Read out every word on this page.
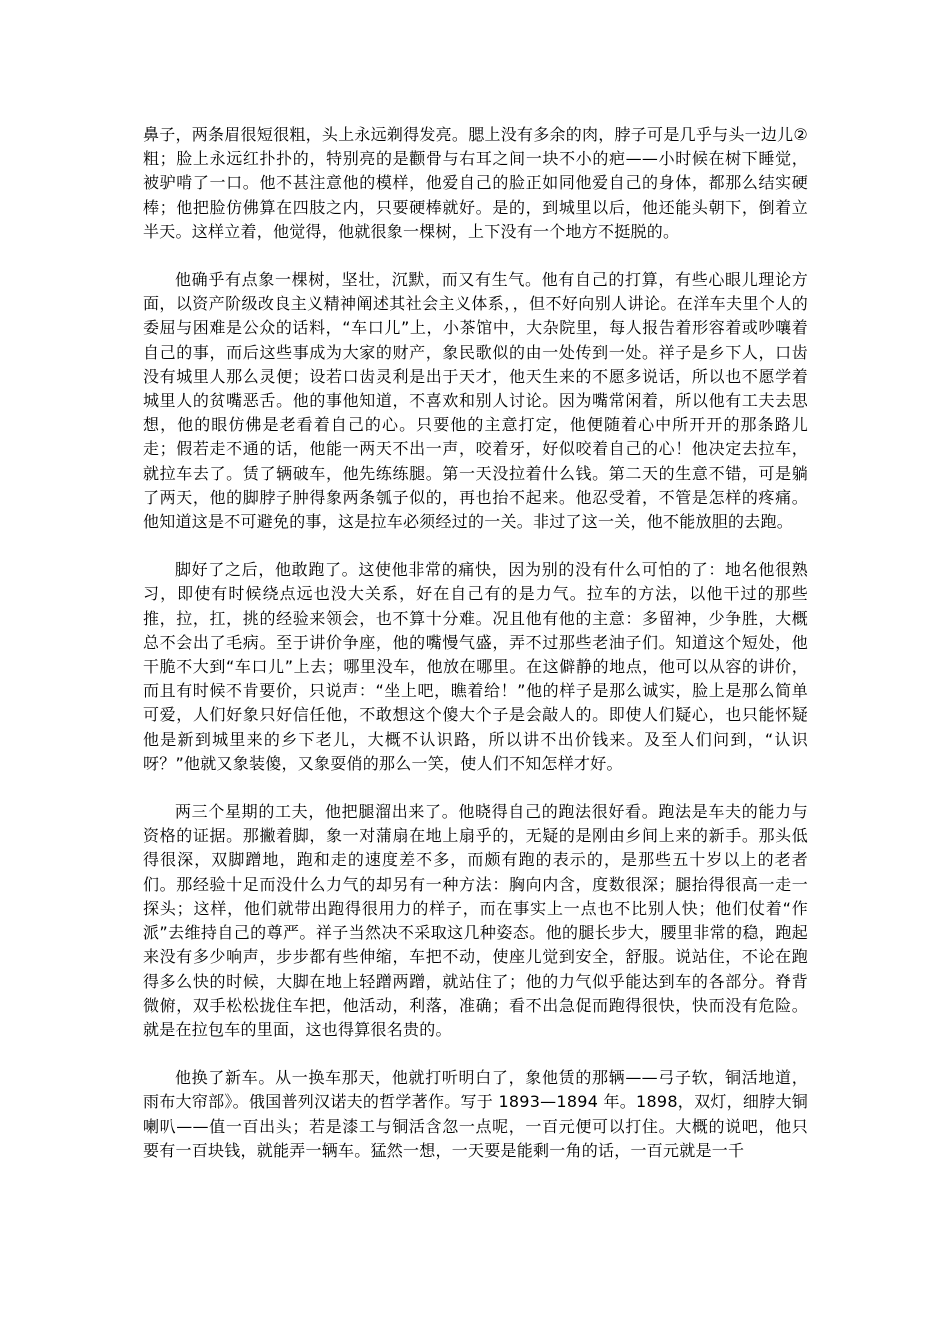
鼻子，两条眉很短很粗，头上永远剃得发亮。腮上没有多余的肉，脖子可是几乎与头一边儿②粗；脸上永远红扑扑的，特别亮的是颧骨与右耳之间一块不小的疤——小时候在树下睡觉，被驴啃了一口。他不甚注意他的模样，他爱自己的脸正如同他爱自己的身体，都那么结实硬棒；他把脸仿佛算在四肢之内，只要硬棒就好。是的，到城里以后，他还能头朝下，倒着立半天。这样立着，他觉得，他就很象一棵树，上下没有一个地方不挺脱的。

他确乎有点象一棵树，坚壮，沉默，而又有生气。他有自己的打算，有些心眼儿理论方面，以资产阶级改良主义精神阐述其社会主义体系，，但不好向别人讲论。在洋车夫里个人的委屈与困难是公众的话料，“车口儿”上，小茶馆中，大杂院里，每人报告着形容着或吵嚷着自己的事，而后这些事成为大家的财产，象民歌似的由一处传到一处。祥子是乡下人，口齿没有城里人那么灵便；设若口齿灵利是出于天才，他天生来的不愿多说话，所以也不愿学着城里人的贫嘴恶舌。他的事他知道，不喜欢和别人讨论。因为嘴常闲着，所以他有工夫去思想，他的眼仿佛是老看着自己的心。只要他的主意打定，他便随着心中所开开的那条路儿走；假若走不通的话，他能一两天不出一声，咬着牙，好似咬着自己的心！他决定去拉车，就拉车去了。赁了辆破车，他先练练腿。第一天没拉着什么钱。第二天的生意不错，可是躺了两天，他的脚脖子肿得象两条瓠子似的，再也抬不起来。他忍受着，不管是怎样的疼痛。他知道这是不可避免的事，这是拉车必须经过的一关。非过了这一关，他不能放胆的去跑。

脚好了之后，他敢跑了。这使他非常的痛快，因为别的没有什么可怕的了：地名他很熟习，即使有时候绕点远也没大关系，好在自己有的是力气。拉车的方法，以他干过的那些推，拉，扛，挑的经验来领会，也不算十分难。况且他有他的主意：多留神，少争胜，大概总不会出了毛病。至于讲价争座，他的嘴慢气盛，弄不过那些老油子们。知道这个短处，他干脆不大到“车口儿”上去；哪里没车，他放在哪里。在这僻静的地点，他可以从容的讲价，而且有时候不肯要价，只说声：“坐上吧，瞧着给！”他的样子是那么诚实，脸上是那么简单可爱，人们好象只好信任他，不敢想这个傻大个子是会敲人的。即使人们疑心，也只能怀疑他是新到城里来的乡下老儿，大概不认识路，所以讲不出价钱来。及至人们问到，“认识呀？”他就又象装傻，又象耍俏的那么一笑，使人们不知怎样才好。

两三个星期的工夫，他把腿溜出来了。他晓得自己的跑法很好看。跑法是车夫的能力与资格的证据。那撇着脚，象一对蒲扇在地上扇乎的，无疑的是刚由乡间上来的新手。那头低得很深，双脚蹭地，跑和走的速度差不多，而颇有跑的表示的，是那些五十岁以上的老者们。那经验十足而没什么力气的却另有一种方法：胸向内含，度数很深；腿抬得很高一走一探头；这样，他们就带出跑得很用力的样子，而在事实上一点也不比别人快；他们仗着“作派”去维持自己的尊严。祥子当然决不采取这几种姿态。他的腿长步大，腰里非常的稳，跑起来没有多少响声，步步都有些伸缩，车把不动，使座儿觉到安全，舒服。说站住，不论在跑得多么快的时候，大脚在地上轻蹭两蹭，就站住了；他的力气似乎能达到车的各部分。脊背微俯，双手松松拢住车把，他活动，利落，准确；看不出急促而跑得很快，快而没有危险。就是在拉包车的里面，这也得算很名贵的。

他换了新车。从一换车那天，他就打听明白了，象他赁的那辆——弓子软，铜活地道，雨布大帘部》。俄国普列汉诺夫的哲学著作。写于 1893—1894 年。1898，双灯，细脖大铜喇叭——值一百出头；若是漆工与铜活含忽一点呢，一百元便可以打住。大概的说吧，他只要有一百块钱，就能弄一辆车。猛然一想，一天要是能剩一角的话，一百元就是一千
